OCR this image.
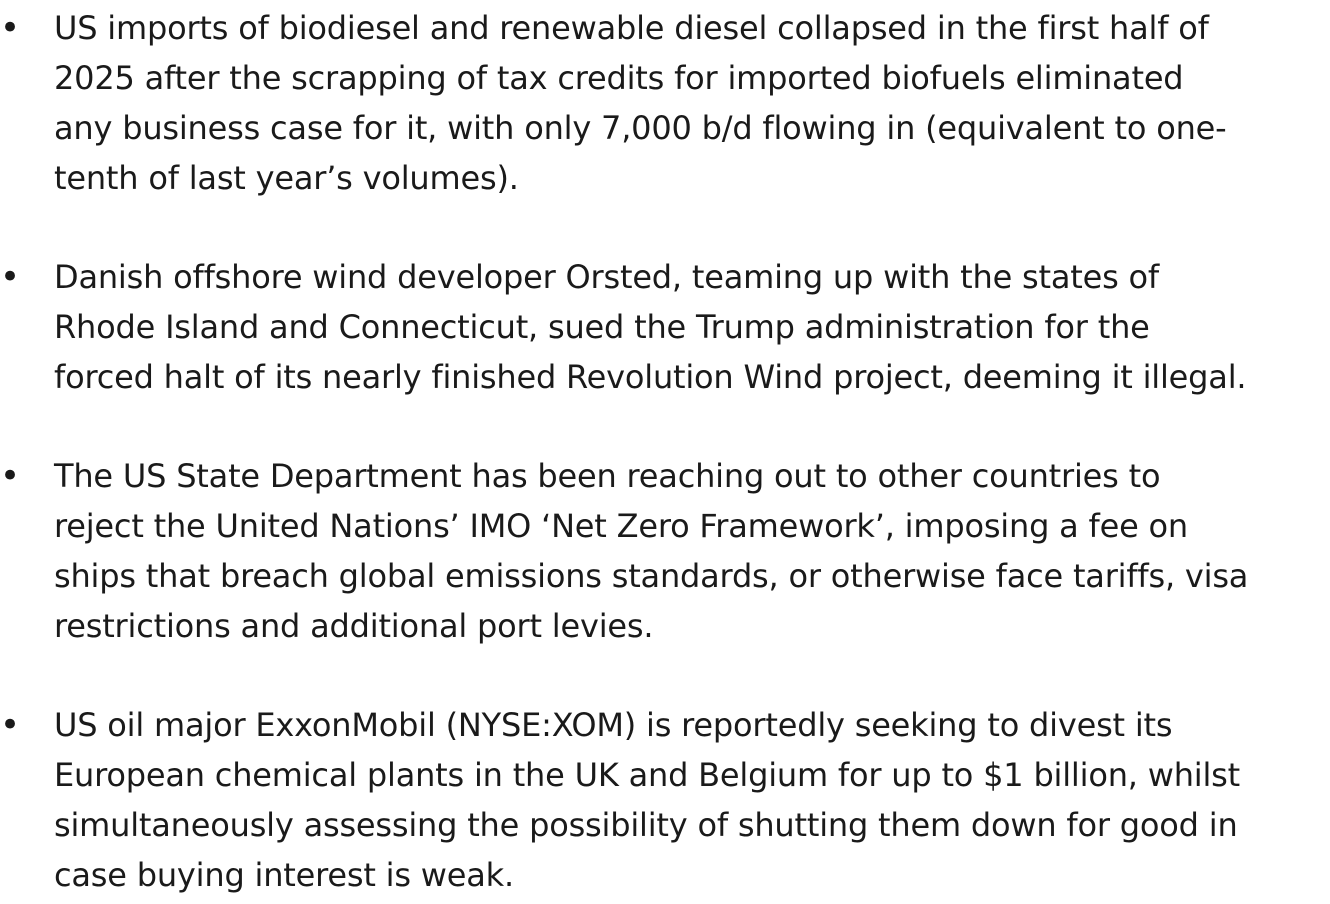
• US imports of biodiesel and renewable diesel collapsed in the first half of
2025 after the scrapping of tax credits for imported biofuels eliminated
any business case for it, with only 7,000 b/d flowing in (equivalent to one-
tenth of last year’s volumes).
• Danish offshore wind developer Orsted, teaming up with the states of
Rhode Island and Connecticut, sued the Trump administration for the
forced halt of its nearly finished Revolution Wind project, deeming it illegal.
• The US State Department has been reaching out to other countries to
reject the United Nations’ IMO ‘Net Zero Framework’, imposing a fee on
ships that breach global emissions standards, or otherwise face tariffs, visa
restrictions and additional port levies.
• US oil major ExxonMobil (NYSE:XOM) is reportedly seeking to divest its
European chemical plants in the UK and Belgium for up to $1 billion, whilst
simultaneously assessing the possibility of shutting them down for good in
case buying interest is weak.
